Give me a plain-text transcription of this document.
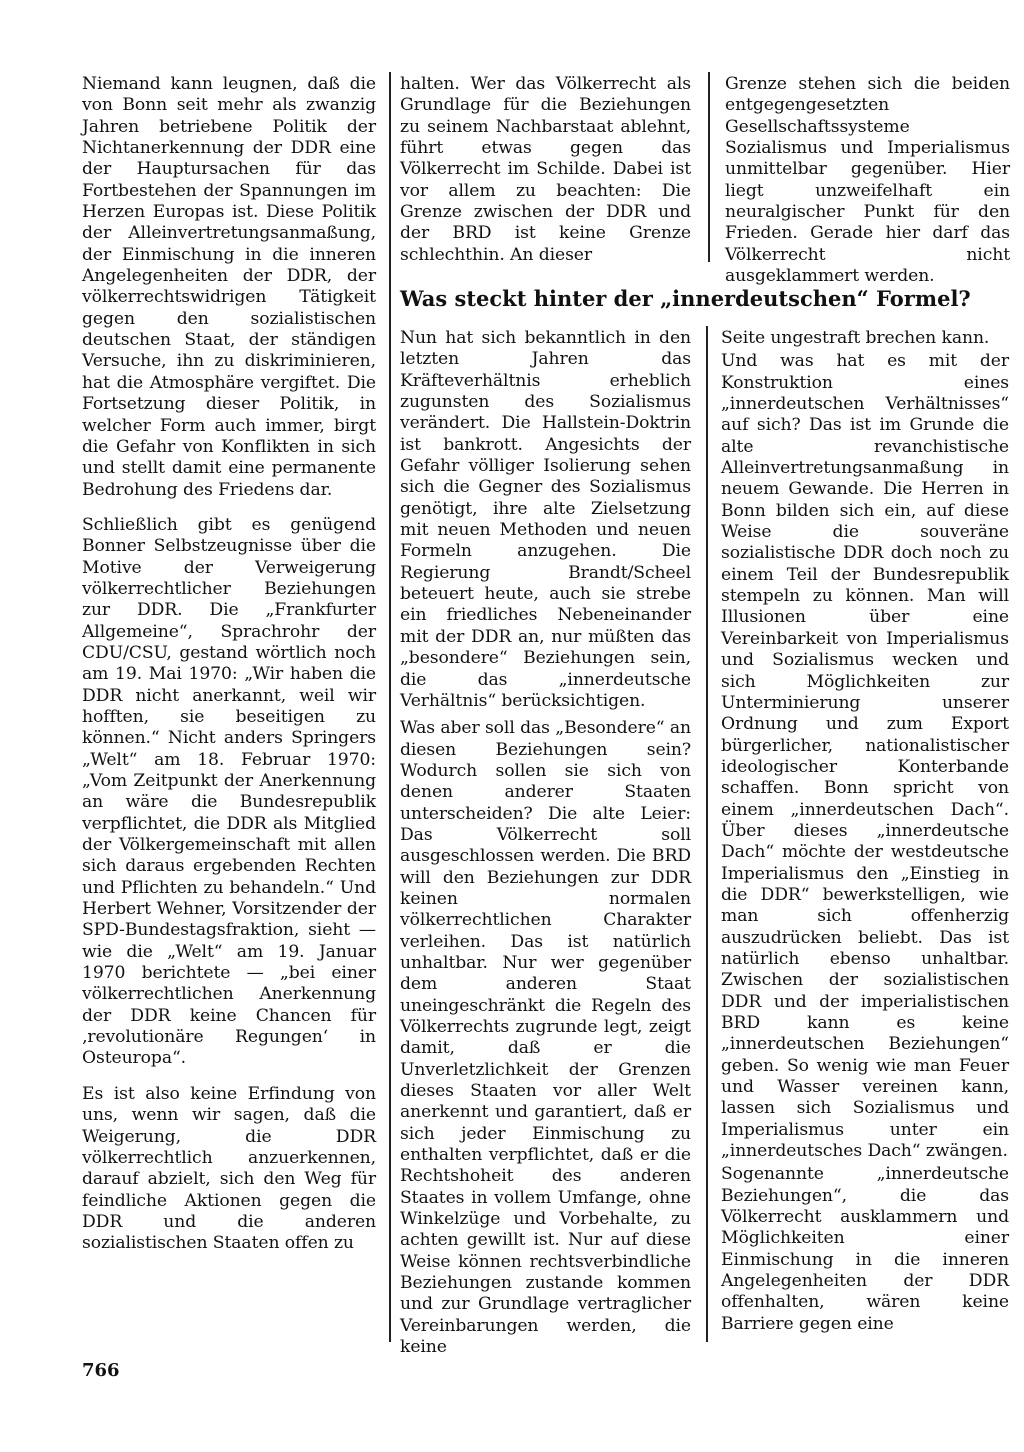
Niemand kann leugnen, daß die von Bonn seit mehr als zwanzig Jahren betriebene Politik der Nichtanerkennung der DDR eine der Hauptursachen für das Fortbestehen der Spannungen im Herzen Europas ist. Diese Politik der Alleinvertretungsanmaßung, der Einmischung in die inneren Angelegenheiten der DDR, der völkerrechtswidrigen Tätigkeit gegen den sozialistischen deutschen Staat, der ständigen Versuche, ihn zu diskriminieren, hat die Atmosphäre vergiftet. Die Fortsetzung dieser Politik, in welcher Form auch immer, birgt die Gefahr von Konflikten in sich und stellt damit eine permanente Bedrohung des Friedens dar.

Schließlich gibt es genügend Bonner Selbstzeugnisse über die Motive der Verweigerung völkerrechtlicher Beziehungen zur DDR. Die „Frankfurter Allgemeine“, Sprachrohr der CDU/CSU, gestand wörtlich noch am 19. Mai 1970: „Wir haben die DDR nicht anerkannt, weil wir hofften, sie beseitigen zu können.“ Nicht anders Springers „Welt“ am 18. Februar 1970: „Vom Zeitpunkt der Anerkennung an wäre die Bundesrepublik verpflichtet, die DDR als Mitglied der Völkergemeinschaft mit allen sich daraus ergebenden Rechten und Pflichten zu behandeln.“ Und Herbert Wehner, Vorsitzender der SPD-Bundestagsfraktion, sieht — wie die „Welt“ am 19. Januar 1970 berichtete — „bei einer völkerrechtlichen Anerkennung der DDR keine Chancen für ‚revolutionäre Regungen‘ in Osteuropa“.

Es ist also keine Erfindung von uns, wenn wir sagen, daß die Weigerung, die DDR völkerrechtlich anzuerkennen, darauf abzielt, sich den Weg für feindliche Aktionen gegen die DDR und die anderen sozialistischen Staaten offen zu

halten. Wer das Völkerrecht als Grundlage für die Beziehungen zu seinem Nachbarstaat ablehnt, führt etwas gegen das Völkerrecht im Schilde. Dabei ist vor allem zu beachten: Die Grenze zwischen der DDR und der BRD ist keine Grenze schlechthin. An dieser

Grenze stehen sich die beiden entgegengesetzten Gesellschaftssysteme Sozialismus und Imperialismus unmittelbar gegenüber. Hier liegt unzweifelhaft ein neuralgischer Punkt für den Frieden. Gerade hier darf das Völkerrecht nicht ausgeklammert werden.

Was steckt hinter der „innerdeutschen“ Formel?

Nun hat sich bekanntlich in den letzten Jahren das Kräfteverhältnis erheblich zugunsten des Sozialismus verändert. Die Hallstein-Doktrin ist bankrott. Angesichts der Gefahr völliger Isolierung sehen sich die Gegner des Sozialismus genötigt, ihre alte Zielsetzung mit neuen Methoden und neuen Formeln anzugehen. Die Regierung Brandt/Scheel beteuert heute, auch sie strebe ein friedliches Nebeneinander mit der DDR an, nur müßten das „besondere“ Beziehungen sein, die das „innerdeutsche Verhältnis“ berücksichtigen.

Was aber soll das „Besondere“ an diesen Beziehungen sein? Wodurch sollen sie sich von denen anderer Staaten unterscheiden? Die alte Leier: Das Völkerrecht soll ausgeschlossen werden. Die BRD will den Beziehungen zur DDR keinen normalen völkerrechtlichen Charakter verleihen. Das ist natürlich unhaltbar. Nur wer gegenüber dem anderen Staat uneingeschränkt die Regeln des Völkerrechts zugrunde legt, zeigt damit, daß er die Unverletzlichkeit der Grenzen dieses Staaten vor aller Welt anerkennt und garantiert, daß er sich jeder Einmischung zu enthalten verpflichtet, daß er die Rechtshoheit des anderen Staates in vollem Umfange, ohne Winkelzüge und Vorbehalte, zu achten gewillt ist. Nur auf diese Weise können rechtsverbindliche Beziehungen zustande kommen und zur Grundlage vertraglicher Vereinbarungen werden, die keine

Seite ungestraft brechen kann.

Und was hat es mit der Konstruktion eines „innerdeutschen Verhältnisses“ auf sich? Das ist im Grunde die alte revanchistische Alleinvertretungsanmaßung in neuem Gewande. Die Herren in Bonn bilden sich ein, auf diese Weise die souveräne sozialistische DDR doch noch zu einem Teil der Bundesrepublik stempeln zu können. Man will Illusionen über eine Vereinbarkeit von Imperialismus und Sozialismus wecken und sich Möglichkeiten zur Unterminierung unserer Ordnung und zum Export bürgerlicher, nationalistischer ideologischer Konterbande schaffen. Bonn spricht von einem „innerdeutschen Dach“. Über dieses „innerdeutsche Dach“ möchte der westdeutsche Imperialismus den „Einstieg in die DDR“ bewerkstelligen, wie man sich offenherzig auszudrücken beliebt. Das ist natürlich ebenso unhaltbar. Zwischen der sozialistischen DDR und der imperialistischen BRD kann es keine „innerdeutschen Beziehungen“ geben. So wenig wie man Feuer und Wasser vereinen kann, lassen sich Sozialismus und Imperialismus unter ein „innerdeutsches Dach“ zwängen.

Sogenannte „innerdeutsche Beziehungen“, die das Völkerrecht ausklammern und Möglichkeiten einer Einmischung in die inneren Angelegenheiten der DDR offenhalten, wären keine Barriere gegen eine

766
